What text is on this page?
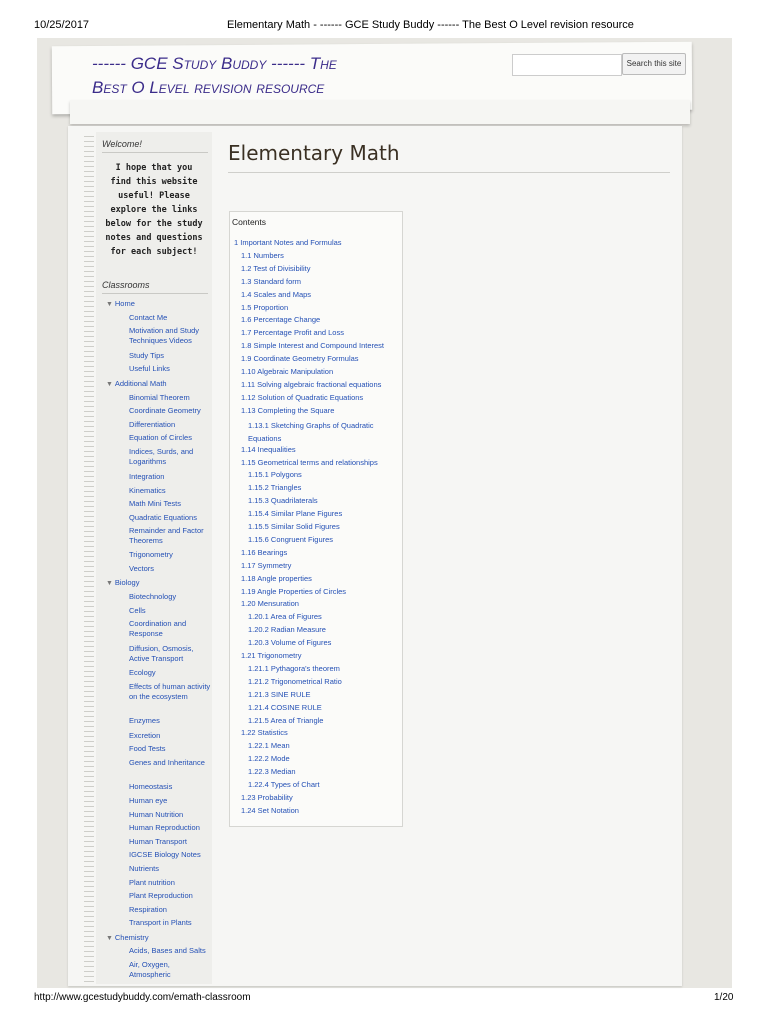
10/25/2017	Elementary Math - ------ GCE Study Buddy ------ The Best O Level revision resource
------ GCE Study Buddy ------ The
Best O Level revision resource
Search this site
Welcome!
I hope that you find this website useful! Please explore the links below for the study notes and questions for each subject!
Classrooms
▼ Home
Contact Me
Motivation and Study Techniques Videos
Study Tips
Useful Links
▼ Additional Math
Binomial Theorem
Coordinate Geometry
Differentiation
Equation of Circles
Indices, Surds, and Logarithms
Integration
Kinematics
Math Mini Tests
Quadratic Equations
Remainder and Factor Theorems
Trigonometry
Vectors
▼ Biology
Biotechnology
Cells
Coordination and Response
Diffusion, Osmosis, Active Transport
Ecology
Effects of human activity on the ecosystem
Enzymes
Excretion
Food Tests
Genes and Inheritance
Homeostasis
Human eye
Human Nutrition
Human Reproduction
Human Transport
IGCSE Biology Notes
Nutrients
Plant nutrition
Plant Reproduction
Respiration
Transport in Plants
▼ Chemistry
Acids, Bases and Salts
Air, Oxygen, Atmospheric
Elementary Math
Contents
1 Important Notes and Formulas
1.1 Numbers
1.2 Test of Divisibility
1.3 Standard form
1.4 Scales and Maps
1.5 Proportion
1.6 Percentage Change
1.7 Percentage Profit and Loss
1.8 Simple Interest and Compound Interest
1.9 Coordinate Geometry Formulas
1.10 Algebraic Manipulation
1.11 Solving algebraic fractional equations
1.12 Solution of Quadratic Equations
1.13 Completing the Square
1.13.1 Sketching Graphs of Quadratic Equations
1.14 Inequalities
1.15 Geometrical terms and relationships
1.15.1 Polygons
1.15.2 Triangles
1.15.3 Quadrilaterals
1.15.4 Similar Plane Figures
1.15.5 Similar Solid Figures
1.15.6 Congruent Figures
1.16 Bearings
1.17 Symmetry
1.18 Angle properties
1.19 Angle Properties of Circles
1.20 Mensuration
1.20.1 Area of Figures
1.20.2 Radian Measure
1.20.3 Volume of Figures
1.21 Trigonometry
1.21.1 Pythagora's theorem
1.21.2 Trigonometrical Ratio
1.21.3 SINE RULE
1.21.4 COSINE RULE
1.21.5 Area of Triangle
1.22 Statistics
1.22.1 Mean
1.22.2 Mode
1.22.3 Median
1.22.4 Types of Chart
1.23 Probability
1.24 Set Notation
http://www.gcestudybuddy.com/emath-classroom	1/20
